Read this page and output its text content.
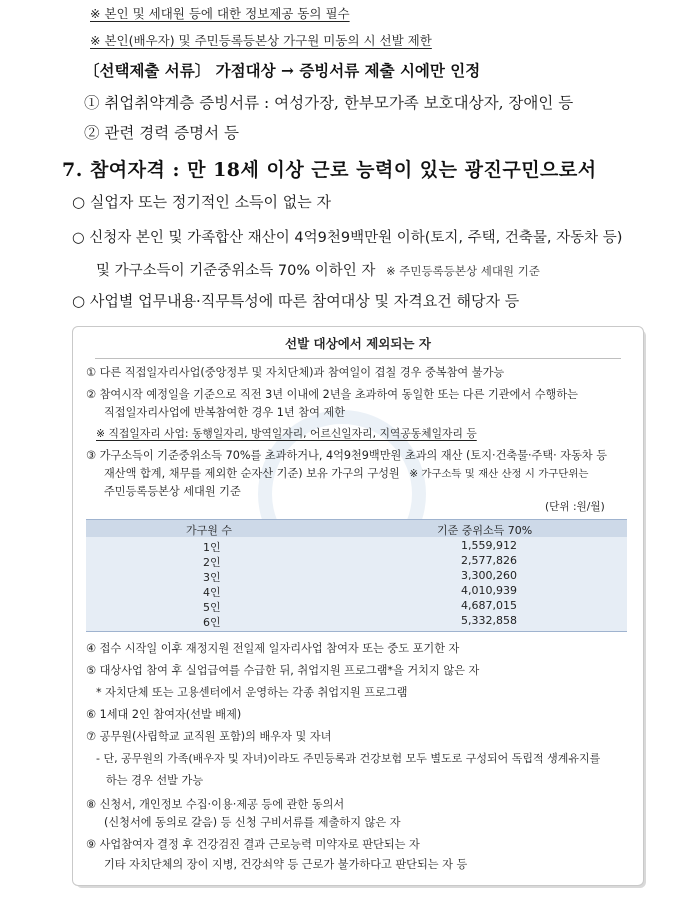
※ 본인 및 세대원 등에 대한 정보제공 동의 필수
※ 본인(배우자) 및 주민등록등본상 가구원 미동의 시 선발 제한
〔선택제출 서류〕 가점대상 → 증빙서류 제출 시에만 인정
① 취업취약계층 증빙서류 : 여성가장, 한부모가족 보호대상자, 장애인 등
② 관련 경력 증명서 등
7. 참여자격 : 만 18세 이상 근로 능력이 있는 광진구민으로서
○ 실업자 또는 정기적인 소득이 없는 자
○ 신청자 본인 및 가족합산 재산이 4억9천9백만원 이하(토지, 주택, 건축물, 자동차 등)
및 가구소득이 기준중위소득 70% 이하인 자 ※ 주민등록등본상 세대원 기준
○ 사업별 업무내용·직무특성에 따른 참여대상 및 자격요건 해당자 등
선발 대상에서 제외되는 자
① 다른 직접일자리사업(중앙정부 및 자치단체)과 참여일이 겹칠 경우 중복참여 불가능
② 참여시작 예정일을 기준으로 직전 3년 이내에 2년을 초과하여 동일한 또는 다른 기관에서 수행하는
직접일자리사업에 반복참여한 경우 1년 참여 제한
※ 직접일자리 사업: 동행일자리, 방역일자리, 어르신일자리, 지역공동체일자리 등
③ 가구소득이 기준중위소득 70%를 초과하거나, 4억9천9백만원 초과의 재산 (토지·건축물·주택· 자동차 등
재산액 합계, 채무를 제외한 순자산 기준) 보유 가구의 구성원 ※ 가구소득 및 재산 산정 시 가구단위는
주민등록등본상 세대원 기준
(단위 :원/월)
가구원 수	기준 중위소득 70%
1인	1,559,912
2인	2,577,826
3인	3,300,260
4인	4,010,939
5인	4,687,015
6인	5,332,858
④ 접수 시작일 이후 재정지원 전일제 일자리사업 참여자 또는 중도 포기한 자
⑤ 대상사업 참여 후 실업급여를 수급한 뒤, 취업지원 프로그램*을 거치지 않은 자
* 자치단체 또는 고용센터에서 운영하는 각종 취업지원 프로그램
⑥ 1세대 2인 참여자(선발 배제)
⑦ 공무원(사립학교 교직원 포함)의 배우자 및 자녀
- 단, 공무원의 가족(배우자 및 자녀)이라도 주민등록과 건강보험 모두 별도로 구성되어 독립적 생계유지를
하는 경우 선발 가능
⑧ 신청서, 개인정보 수집·이용·제공 등에 관한 동의서
(신청서에 동의로 갈음) 등 신청 구비서류를 제출하지 않은 자
⑨ 사업참여자 결정 후 건강검진 결과 근로능력 미약자로 판단되는 자
기타 자치단체의 장이 지병, 건강쇠약 등 근로가 불가하다고 판단되는 자 등
